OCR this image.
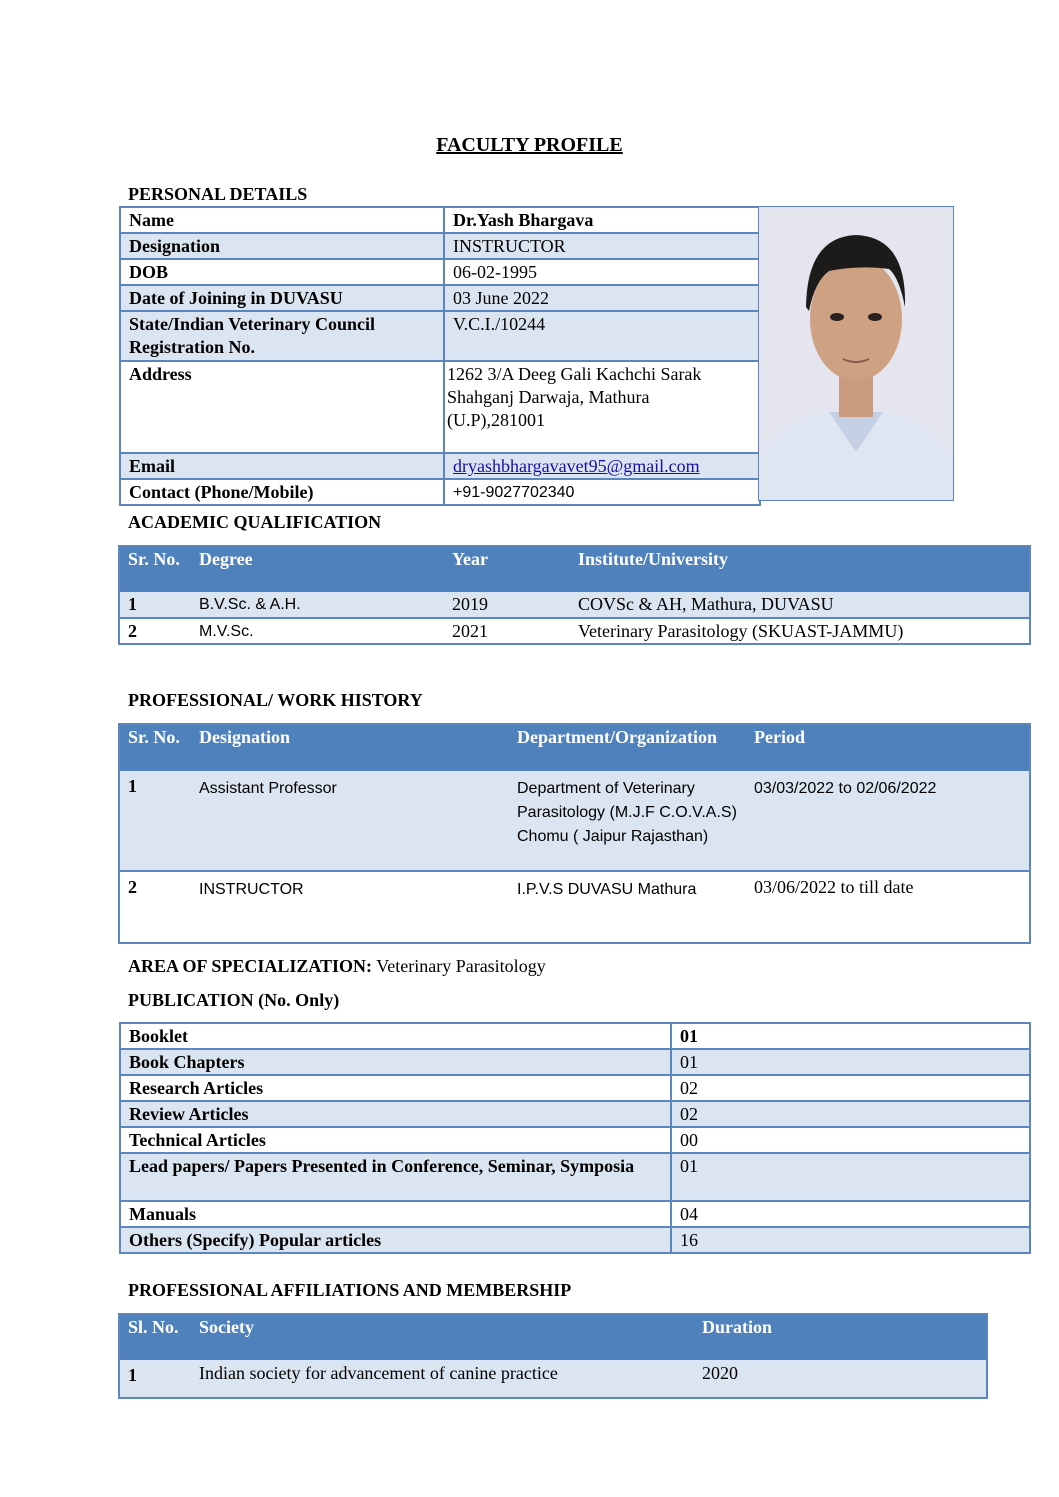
FACULTY PROFILE
PERSONAL DETAILS
Name	Dr.Yash Bhargava
Designation	INSTRUCTOR
DOB	06-02-1995
Date of Joining in DUVASU	03 June 2022
State/Indian Veterinary Council Registration No.	V.C.I./10244
Address	1262 3/A Deeg Gali Kachchi Sarak Shahganj Darwaja, Mathura (U.P),281001
Email	dryashbhargavavet95@gmail.com
Contact (Phone/Mobile)	+91-9027702340
ACADEMIC QUALIFICATION
Sr. No.	Degree	Year	Institute/University
1	B.V.Sc. & A.H.	2019	COVSc & AH, Mathura, DUVASU
2	M.V.Sc.	2021	Veterinary Parasitology (SKUAST-JAMMU)
PROFESSIONAL/ WORK HISTORY
Sr. No.	Designation	Department/Organization	Period
1	Assistant Professor	Department of Veterinary Parasitology (M.J.F C.O.V.A.S) Chomu ( Jaipur Rajasthan)	03/03/2022 to 02/06/2022
2	INSTRUCTOR	I.P.V.S DUVASU Mathura	03/06/2022 to till date
AREA OF SPECIALIZATION: Veterinary Parasitology
PUBLICATION (No. Only)
Booklet	01
Book Chapters	01
Research Articles	02
Review Articles	02
Technical Articles	00
Lead papers/ Papers Presented in Conference, Seminar, Symposia	01
Manuals	04
Others (Specify) Popular articles	16
PROFESSIONAL AFFILIATIONS AND MEMBERSHIP
Sl. No.	Society	Duration
1	Indian society for advancement of canine practice	2020
